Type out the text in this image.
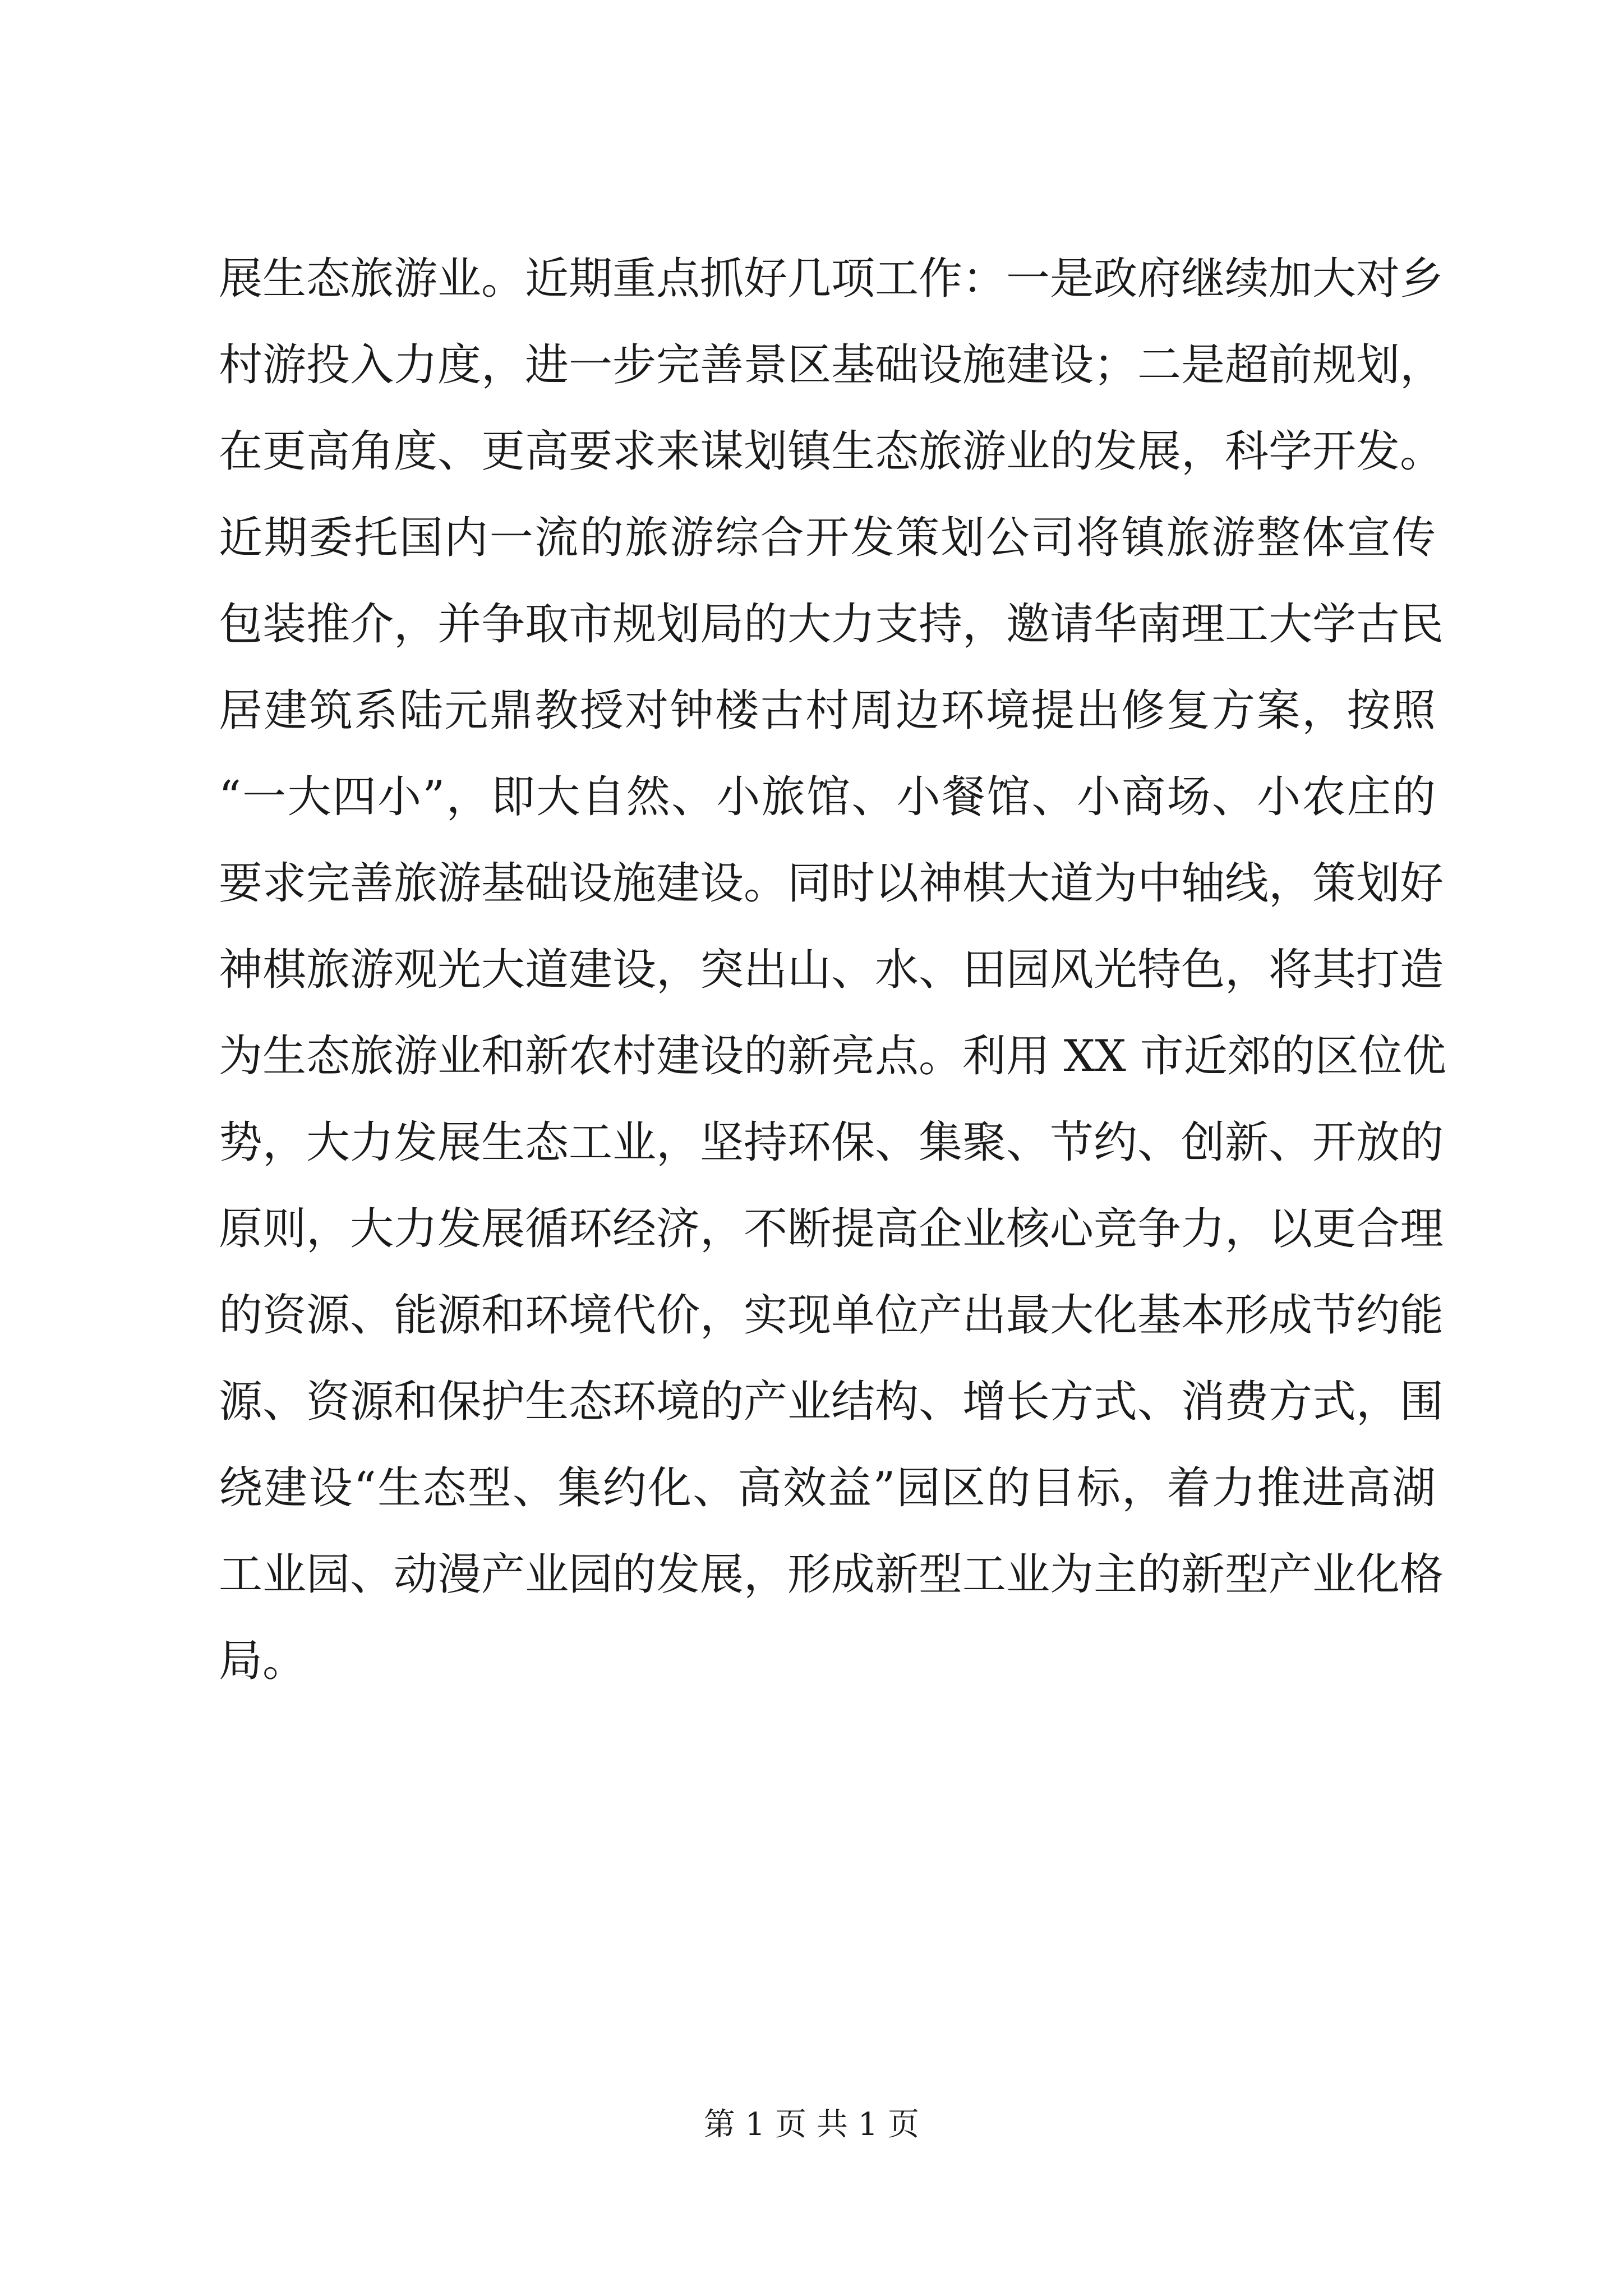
展生态旅游业。近期重点抓好几项工作：一是政府继续加大对乡
村游投入力度，进一步完善景区基础设施建设；二是超前规划，
在更高角度、更高要求来谋划镇生态旅游业的发展，科学开发。
近期委托国内一流的旅游综合开发策划公司将镇旅游整体宣传
包装推介，并争取市规划局的大力支持，邀请华南理工大学古民
居建筑系陆元鼎教授对钟楼古村周边环境提出修复方案，按照
“一大四小”，即大自然、小旅馆、小餐馆、小商场、小农庄的
要求完善旅游基础设施建设。同时以神棋大道为中轴线，策划好
神棋旅游观光大道建设，突出山、水、田园风光特色，将其打造
为生态旅游业和新农村建设的新亮点。利用 XX 市近郊的区位优
势，大力发展生态工业，坚持环保、集聚、节约、创新、开放的
原则，大力发展循环经济，不断提高企业核心竞争力，以更合理
的资源、能源和环境代价，实现单位产出最大化基本形成节约能
源、资源和保护生态环境的产业结构、增长方式、消费方式，围
绕建设“生态型、集约化、高效益”园区的目标，着力推进高湖
工业园、动漫产业园的发展，形成新型工业为主的新型产业化格
局。
第 1 页 共 1 页
